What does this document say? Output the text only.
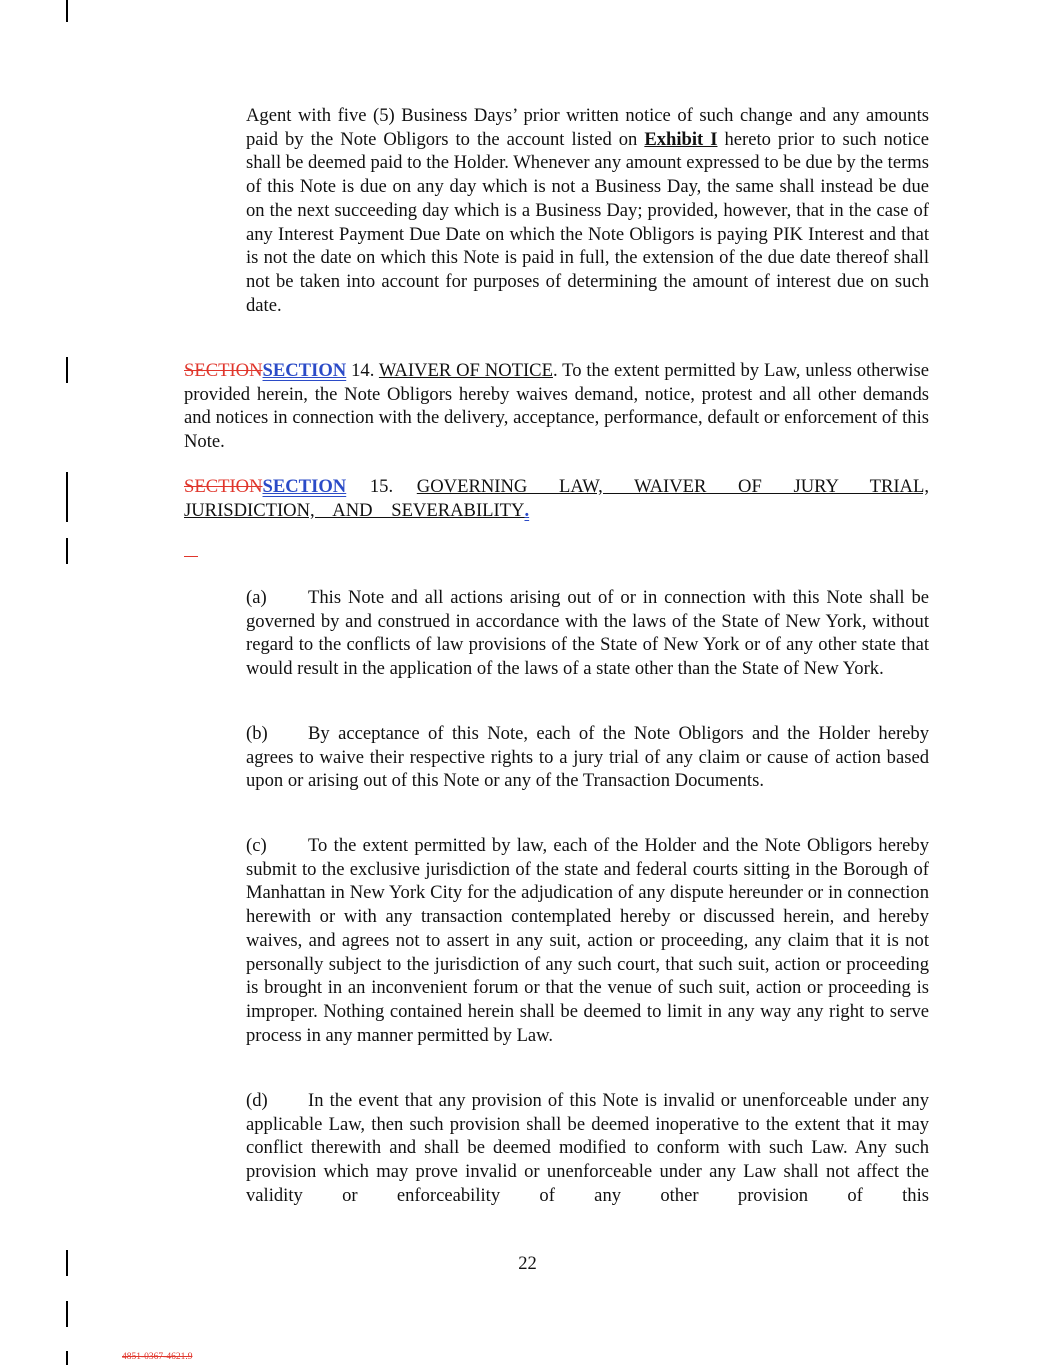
Agent with five (5) Business Days’ prior written notice of such change and any amounts paid by the Note Obligors to the account listed on Exhibit I hereto prior to such notice shall be deemed paid to the Holder. Whenever any amount expressed to be due by the terms of this Note is due on any day which is not a Business Day, the same shall instead be due on the next succeeding day which is a Business Day; provided, however, that in the case of any Interest Payment Due Date on which the Note Obligors is paying PIK Interest and that is not the date on which this Note is paid in full, the extension of the due date thereof shall not be taken into account for purposes of determining the amount of interest due on such date.
SECTIONSECTION 14. WAIVER OF NOTICE. To the extent permitted by Law, unless otherwise provided herein, the Note Obligors hereby waives demand, notice, protest and all other demands and notices in connection with the delivery, acceptance, performance, default or enforcement of this Note.
SECTIONSECTION 15. GOVERNING LAW, WAIVER OF JURY TRIAL, JURISDICTION, AND SEVERABILITY.
(a) This Note and all actions arising out of or in connection with this Note shall be governed by and construed in accordance with the laws of the State of New York, without regard to the conflicts of law provisions of the State of New York or of any other state that would result in the application of the laws of a state other than the State of New York.
(b) By acceptance of this Note, each of the Note Obligors and the Holder hereby agrees to waive their respective rights to a jury trial of any claim or cause of action based upon or arising out of this Note or any of the Transaction Documents.
(c) To the extent permitted by law, each of the Holder and the Note Obligors hereby submit to the exclusive jurisdiction of the state and federal courts sitting in the Borough of Manhattan in New York City for the adjudication of any dispute hereunder or in connection herewith or with any transaction contemplated hereby or discussed herein, and hereby waives, and agrees not to assert in any suit, action or proceeding, any claim that it is not personally subject to the jurisdiction of any such court, that such suit, action or proceeding is brought in an inconvenient forum or that the venue of such suit, action or proceeding is improper. Nothing contained herein shall be deemed to limit in any way any right to serve process in any manner permitted by Law.
(d) In the event that any provision of this Note is invalid or unenforceable under any applicable Law, then such provision shall be deemed inoperative to the extent that it may conflict therewith and shall be deemed modified to conform with such Law. Any such provision which may prove invalid or unenforceable under any Law shall not affect the validity or enforceability of any other provision of this
22
4851-0367-4621.9
